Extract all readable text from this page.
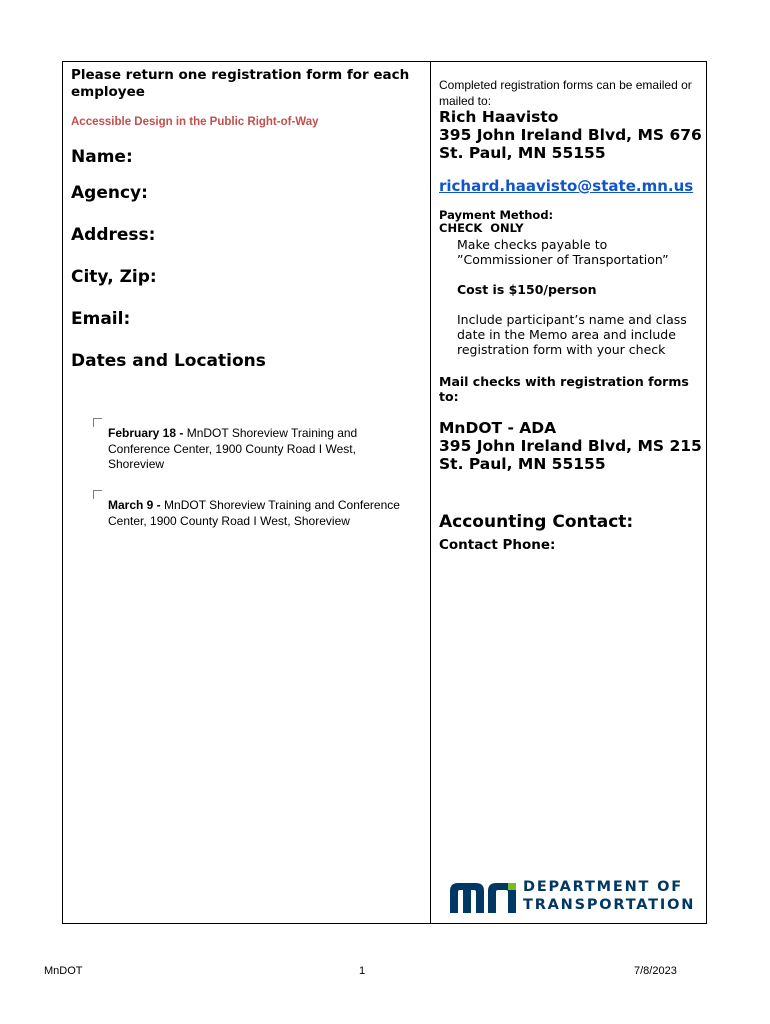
Please return one registration form for each employee
Accessible Design in the Public Right-of-Way
Name:
Agency:
Address:
City, Zip:
Email:
Dates and Locations
February 18 - MnDOT Shoreview Training and Conference Center, 1900 County Road I West, Shoreview
March 9 - MnDOT Shoreview Training and Conference Center, 1900 County Road I West, Shoreview
Completed registration forms can be emailed or mailed to:
Rich Haavisto
395 John Ireland Blvd, MS 676
St. Paul, MN 55155
richard.haavisto@state.mn.us
Payment Method:
CHECK  ONLY
Make checks payable to
”Commissioner of Transportation”
Cost is $150/person
Include participant’s name and class date in the Memo area and include registration form with your check
Mail checks with registration forms to:
MnDOT - ADA
395 John Ireland Blvd, MS 215
St. Paul, MN 55155
Accounting Contact:
Contact Phone:
DEPARTMENT OF
TRANSPORTATION
MnDOT	1	7/8/2023
